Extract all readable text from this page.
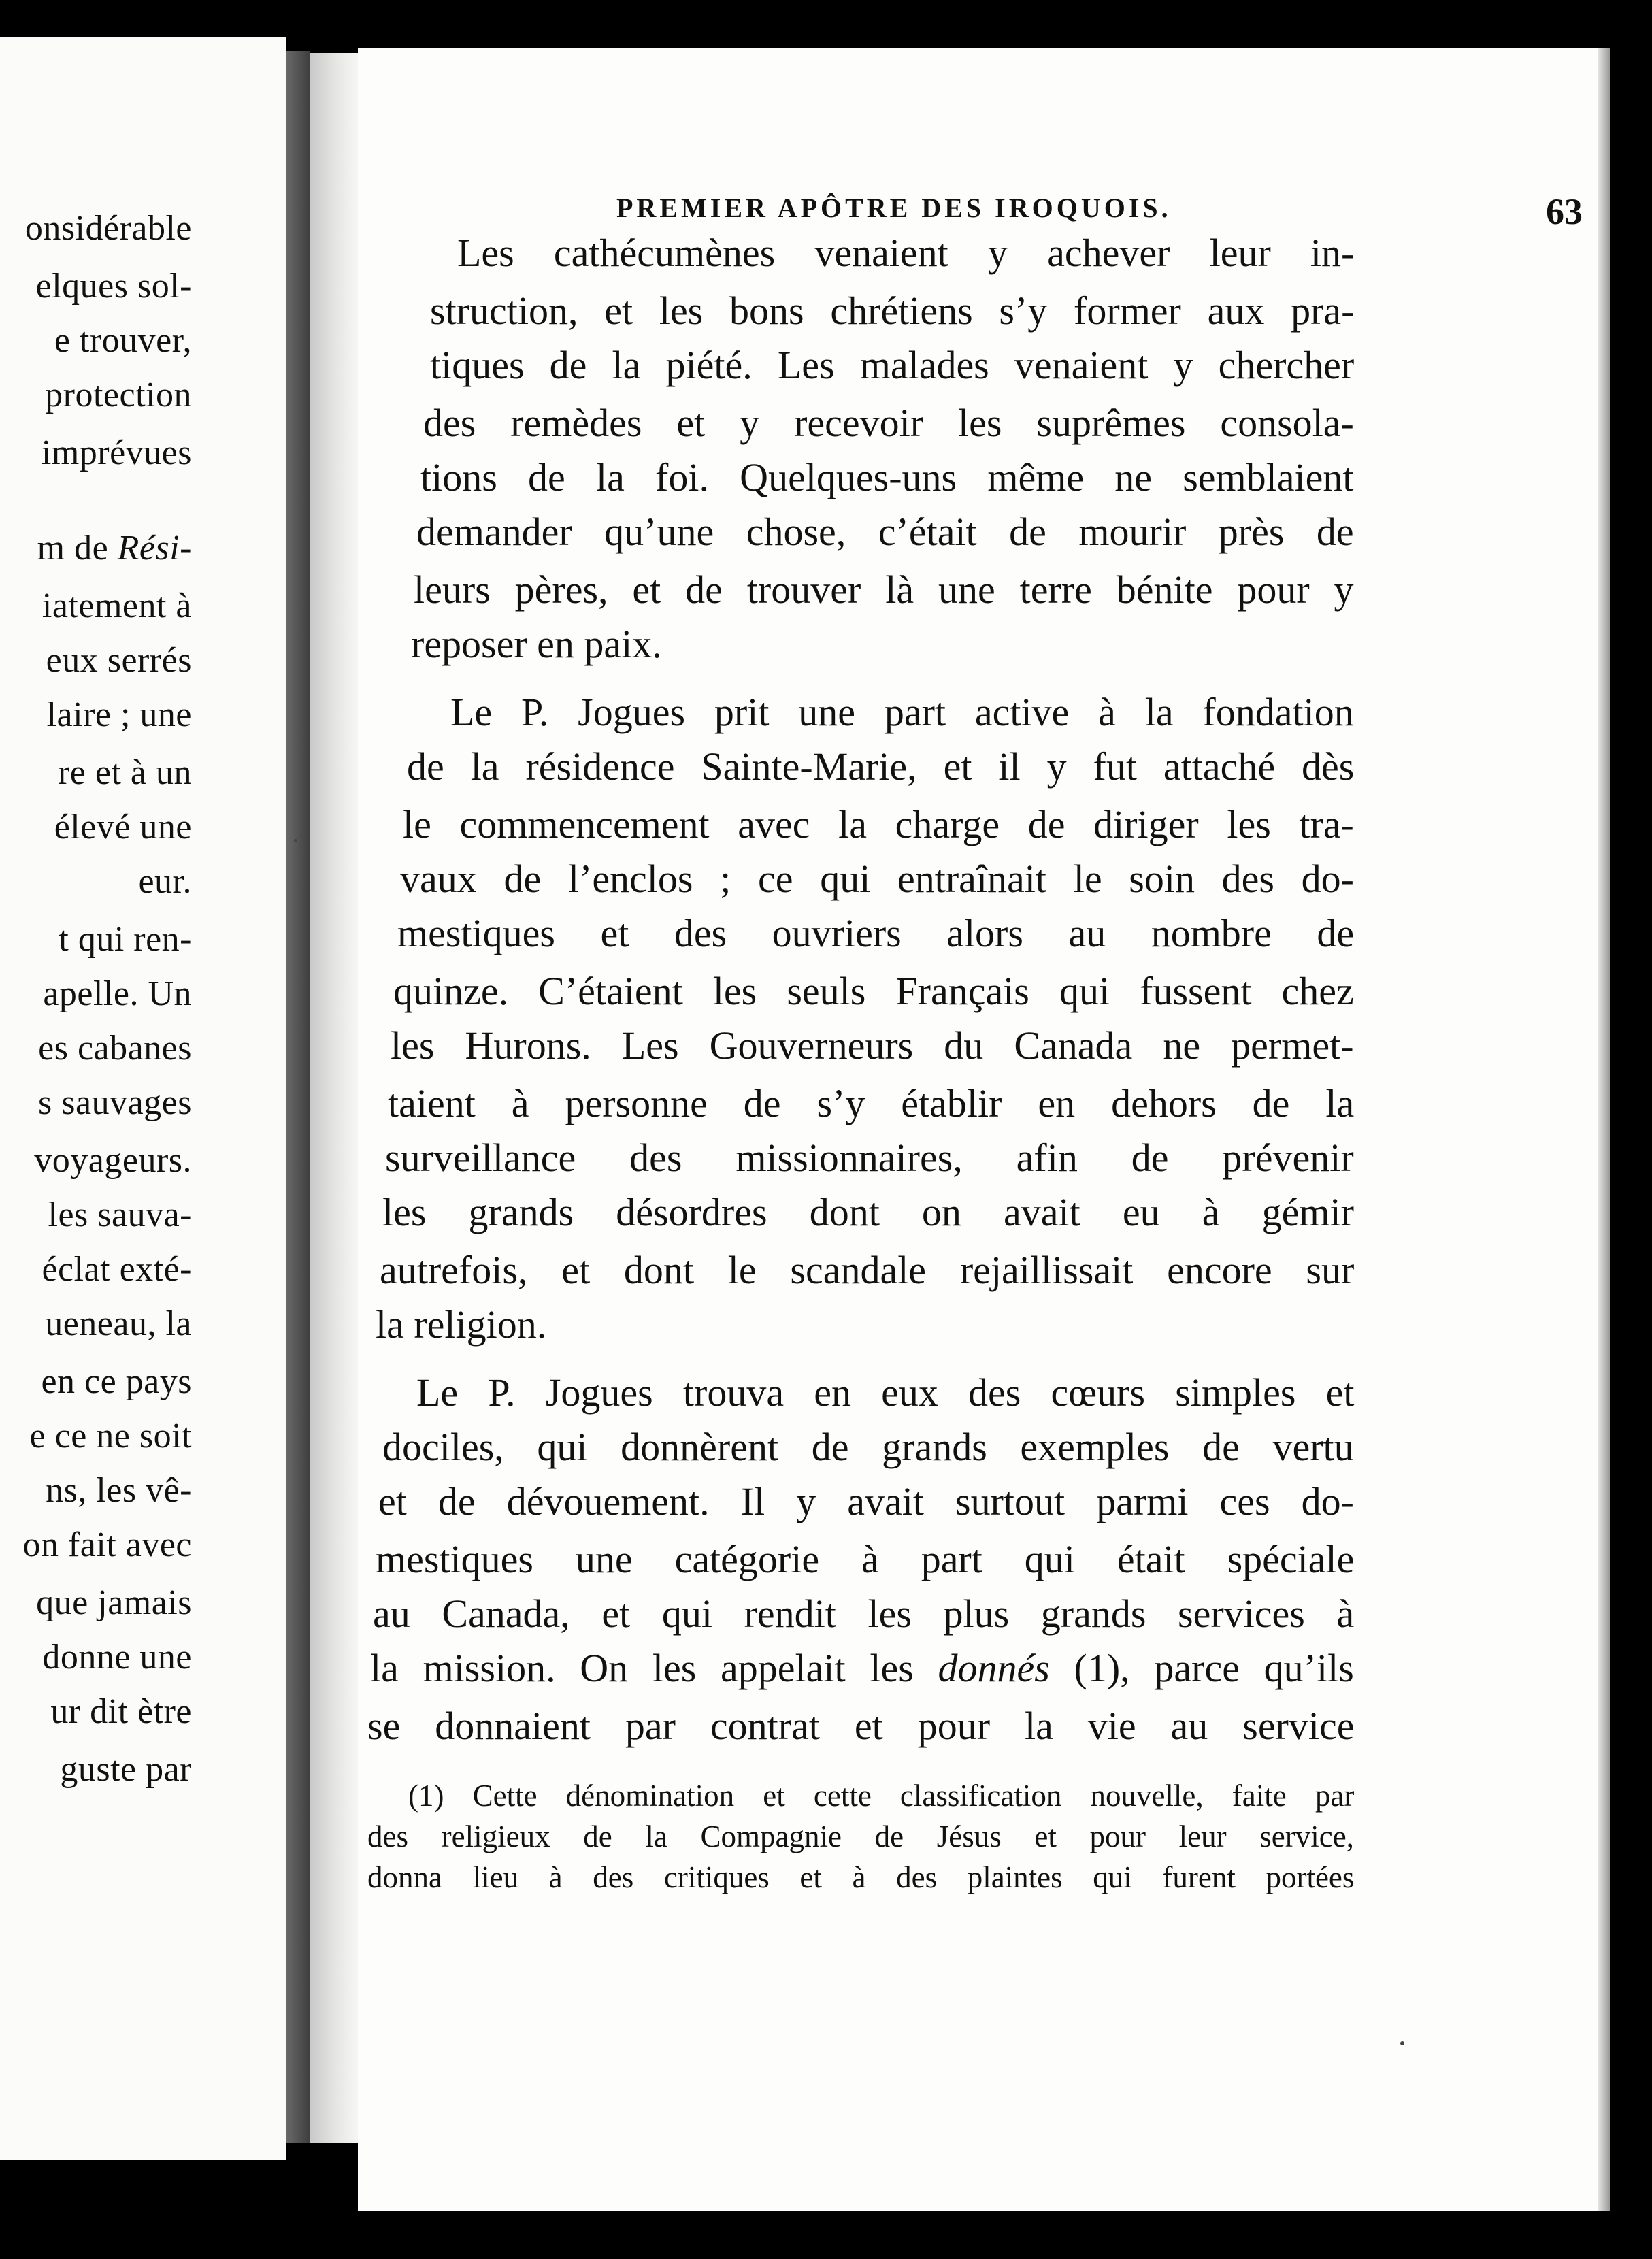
onsidérable
elques sol-
e trouver,
protection
imprévues
m de Rési-
iatement à
eux serrés
laire ; une
re et à un
élevé une
eur.
t qui ren-
apelle. Un
es cabanes
s sauvages
voyageurs.
les sauva-
éclat exté-
ueneau, la
en ce pays
e ce ne soit
ns, les vê-
on fait avec
que jamais
donne une
ur dit ètre
guste par
PREMIER APÔTRE DES IROQUOIS.	63
Les cathécumènes venaient y achever leur in-
struction, et les bons chrétiens s’y former aux pra-
tiques de la piété. Les malades venaient y chercher
des remèdes et y recevoir les suprêmes consola-
tions de la foi. Quelques-uns même ne semblaient
demander qu’une chose, c’était de mourir près de
leurs pères, et de trouver là une terre bénite pour y
reposer en paix.
Le P. Jogues prit une part active à la fondation
de la résidence Sainte-Marie, et il y fut attaché dès
le commencement avec la charge de diriger les tra-
vaux de l’enclos ; ce qui entraînait le soin des do-
mestiques et des ouvriers alors au nombre de
quinze. C’étaient les seuls Français qui fussent chez
les Hurons. Les Gouverneurs du Canada ne permet-
taient à personne de s’y établir en dehors de la
surveillance des missionnaires, afin de prévenir
les grands désordres dont on avait eu à gémir
autrefois, et dont le scandale rejaillissait encore sur
la religion.
Le P. Jogues trouva en eux des cœurs simples et
dociles, qui donnèrent de grands exemples de vertu
et de dévouement. Il y avait surtout parmi ces do-
mestiques une catégorie à part qui était spéciale
au Canada, et qui rendit les plus grands services à
la mission. On les appelait les donnés (1), parce qu’ils
se donnaient par contrat et pour la vie au service
(1) Cette dénomination et cette classification nouvelle, faite par
des religieux de la Compagnie de Jésus et pour leur service,
donna lieu à des critiques et à des plaintes qui furent portées
